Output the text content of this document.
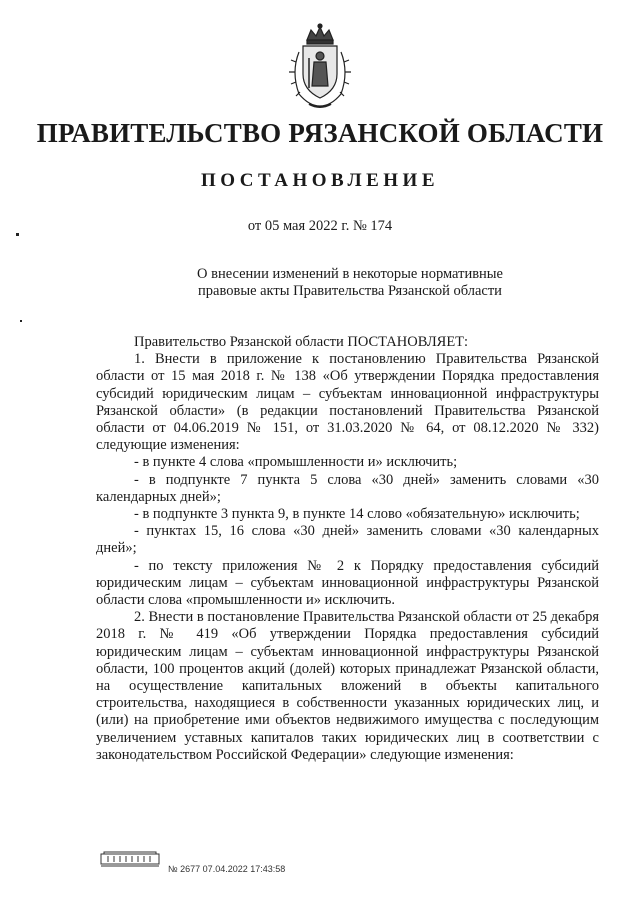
ПРАВИТЕЛЬСТВО РЯЗАНСКОЙ ОБЛАСТИ
ПОСТАНОВЛЕНИЕ
от 05 мая 2022 г. № 174
О внесении изменений в некоторые нормативные
правовые акты Правительства Рязанской области

Правительство Рязанской области ПОСТАНОВЛЯЕТ:

1. Внести в приложение к постановлению Правительства Рязанской области от 15 мая 2018 г. № 138 «Об утверждении Порядка предоставления субсидий юридическим лицам – субъектам инновационной инфраструктуры Рязанской области» (в редакции постановлений Правительства Рязанской области от 04.06.2019 № 151, от 31.03.2020 № 64, от 08.12.2020 № 332) следующие изменения:

- в пункте 4 слова «промышленности и» исключить;

- в подпункте 7 пункта 5 слова «30 дней» заменить словами «30 календарных дней»;

- в подпункте 3 пункта 9, в пункте 14 слово «обязательную» исключить;

- пунктах 15, 16 слова «30 дней» заменить словами «30 календарных дней»;

- по тексту приложения № 2 к Порядку предоставления субсидий юридическим лицам – субъектам инновационной инфраструктуры Рязанской области слова «промышленности и» исключить.

2. Внести в постановление Правительства Рязанской области от 25 декабря 2018 г. № 419 «Об утверждении Порядка предоставления субсидий юридическим лицам – субъектам инновационной инфраструктуры Рязанской области, 100 процентов акций (долей) которых принадлежат Рязанской области, на осуществление капитальных вложений в объекты капитального строительства, находящиеся в собственности указанных юридических лиц, и (или) на приобретение ими объектов недвижимого имущества с последующим увеличением уставных капиталов таких юридических лиц в соответствии с законодательством Российской Федерации» следующие изменения:

№ 2677 07.04.2022 17:43:58
